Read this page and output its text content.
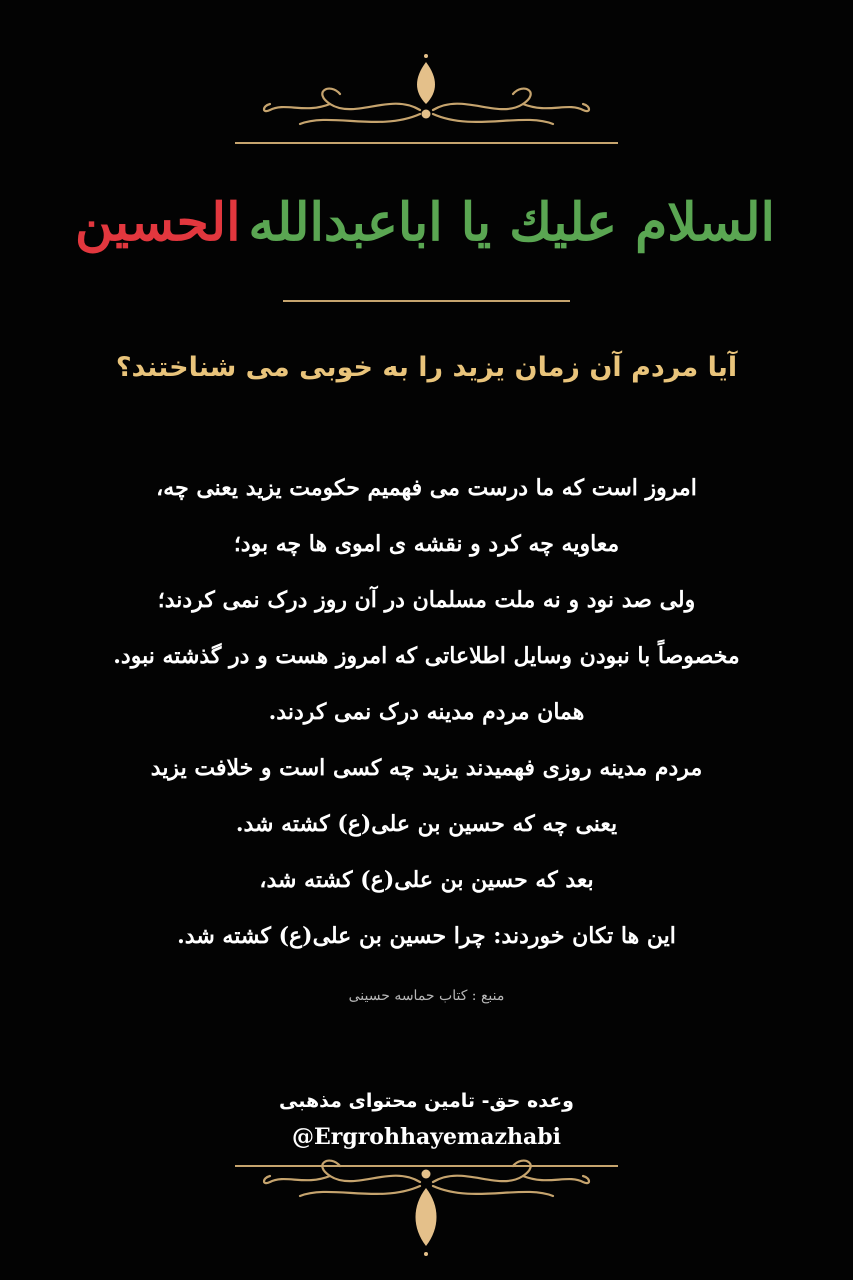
السلام علیك یا اباعبدالله
الحسین
آیا مردم آن زمان یزید را به خوبی می شناختند؟
امروز است که ما درست می فهمیم حکومت یزید یعنی چه،
معاویه چه کرد و نقشه ی اموی ها چه بود؛
ولی صد نود و نه ملت مسلمان در آن روز درک نمی کردند؛
مخصوصاً با نبودن وسایل اطلاعاتی که امروز هست و در گذشته نبود.
همان مردم مدینه درک نمی کردند.
مردم مدینه روزی فهمیدند یزید چه کسی است و خلافت یزید
یعنی چه که حسین بن علی(ع) کشته شد.
بعد که حسین بن علی(ع) کشته شد،
این ها تکان خوردند: چرا حسین بن علی(ع) کشته شد.
منبع : کتاب حماسه حسینی
وعده حق- تامین محتوای مذهبی
@Ergrohhayemazhabi
